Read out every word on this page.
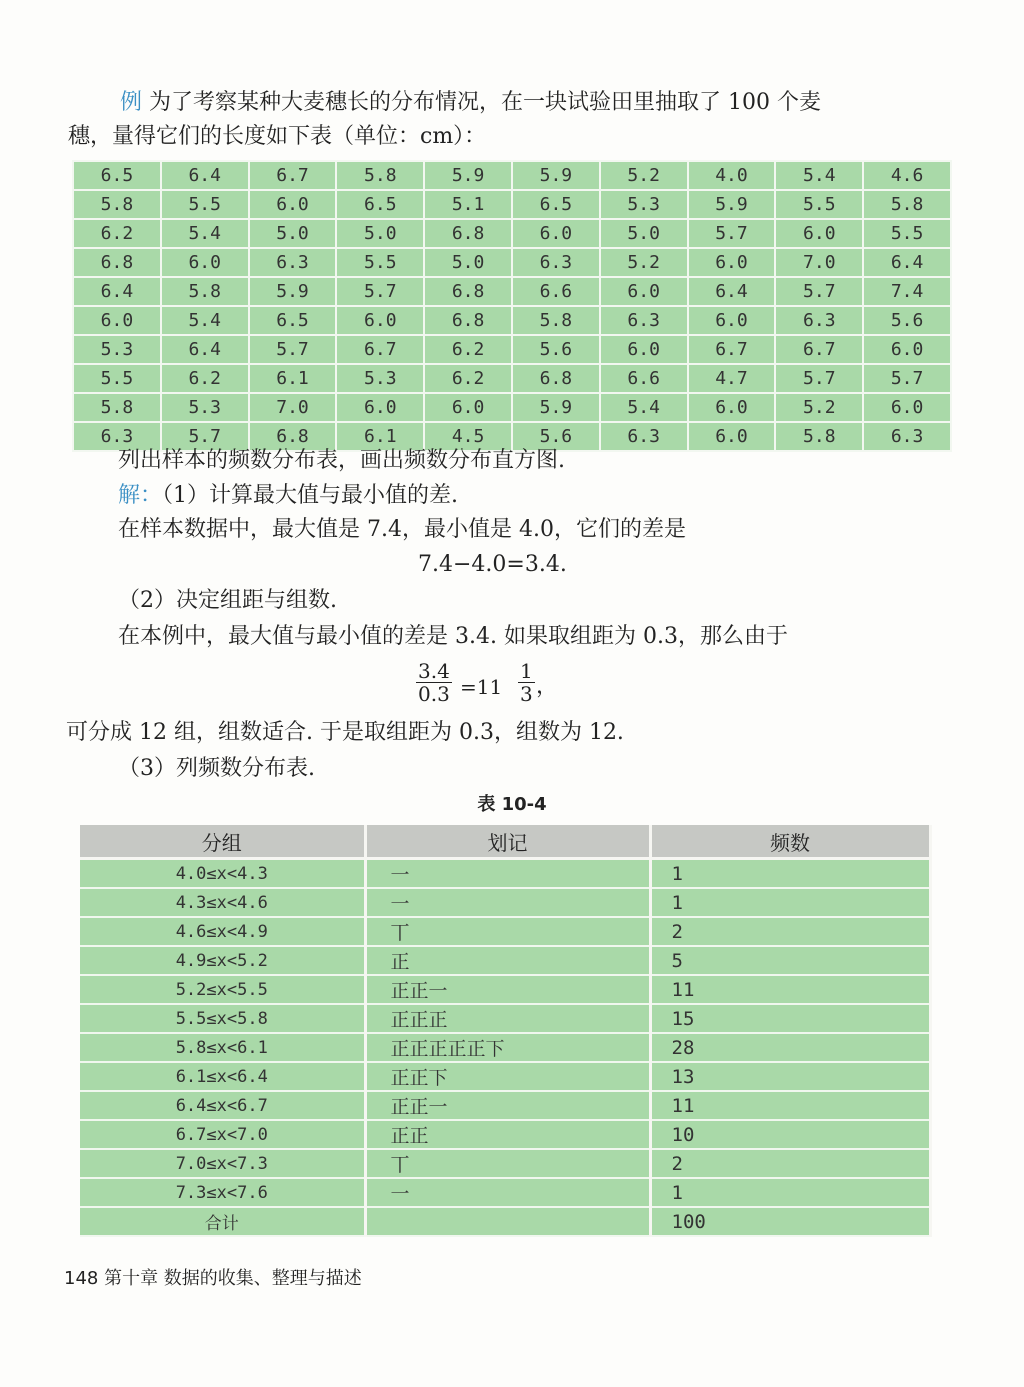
例 为了考察某种大麦穗长的分布情况，在一块试验田里抽取了 100 个麦
穗，量得它们的长度如下表（单位：cm）：
6.5	6.4	6.7	5.8	5.9	5.9	5.2	4.0	5.4	4.6
5.8	5.5	6.0	6.5	5.1	6.5	5.3	5.9	5.5	5.8
6.2	5.4	5.0	5.0	6.8	6.0	5.0	5.7	6.0	5.5
6.8	6.0	6.3	5.5	5.0	6.3	5.2	6.0	7.0	6.4
6.4	5.8	5.9	5.7	6.8	6.6	6.0	6.4	5.7	7.4
6.0	5.4	6.5	6.0	6.8	5.8	6.3	6.0	6.3	5.6
5.3	6.4	5.7	6.7	6.2	5.6	6.0	6.7	6.7	6.0
5.5	6.2	6.1	5.3	6.2	6.8	6.6	4.7	5.7	5.7
5.8	5.3	7.0	6.0	6.0	5.9	5.4	6.0	5.2	6.0
6.3	5.7	6.8	6.1	4.5	5.6	6.3	6.0	5.8	6.3
列出样本的频数分布表，画出频数分布直方图.
解：（1）计算最大值与最小值的差.
在样本数据中，最大值是 7.4，最小值是 4.0，它们的差是
7.4−4.0=3.4.
（2）决定组距与组数.
在本例中，最大值与最小值的差是 3.4. 如果取组距为 0.3，那么由于
$\frac{3.4}{0.3} =11 \frac{1}{3}$ ，
可分成 12 组，组数适合. 于是取组距为 0.3，组数为 12.
（3）列频数分布表.
表 10-4
分组	划记	频数
4.0≤x<4.3	一	1
4.3≤x<4.6	一	1
4.6≤x<4.9	丅	2
4.9≤x<5.2	正	5
5.2≤x<5.5	正正一	11
5.5≤x<5.8	正正正	15
5.8≤x<6.1	正正正正正下	28
6.1≤x<6.4	正正下	13
6.4≤x<6.7	正正一	11
6.7≤x<7.0	正正	10
7.0≤x<7.3	丅	2
7.3≤x<7.6	一	1
合计		100
148 第十章 数据的收集、整理与描述
